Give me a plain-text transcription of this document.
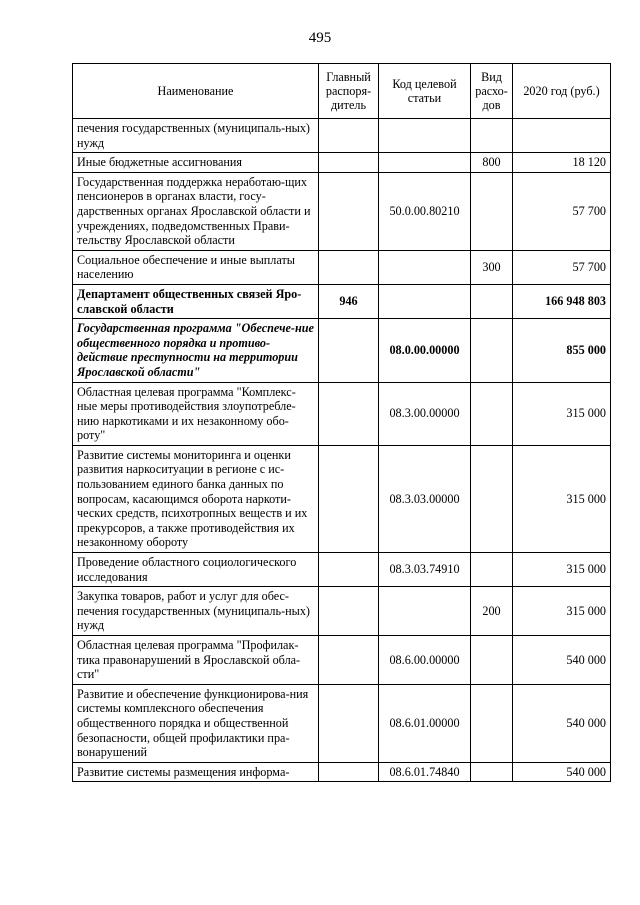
495
Наименование	Главный распоря-дитель	Код целевой статьи	Вид расхо-дов	2020 год (руб.)
печения государственных (муниципаль-ных) нужд				
Иные бюджетные ассигнования			800	18 120
Государственная поддержка неработаю-щих пенсионеров в органах власти, госу-дарственных органах Ярославской области и учреждениях, подведомственных Прави-тельству Ярославской области		50.0.00.80210		57 700
Социальное обеспечение и иные выплаты населению			300	57 700
Департамент общественных связей Яро-славской области	946			166 948 803
Государственная программа "Обеспече-ние общественного порядка и противо-действие преступности на территории Ярославской области"		08.0.00.00000		855 000
Областная целевая программа "Комплекс-ные меры противодействия злоупотребле-нию наркотиками и их незаконному обо-роту"		08.3.00.00000		315 000
Развитие системы мониторинга и оценки развития наркоситуации в регионе с ис-пользованием единого банка данных по вопросам, касающимся оборота наркоти-ческих средств, психотропных веществ и их прекурсоров, а также противодействия их незаконному обороту		08.3.03.00000		315 000
Проведение областного социологического исследования		08.3.03.74910		315 000
Закупка товаров, работ и услуг для обес-печения государственных (муниципаль-ных) нужд			200	315 000
Областная целевая программа "Профилак-тика правонарушений в Ярославской обла-сти"		08.6.00.00000		540 000
Развитие и обеспечение функционирова-ния системы комплексного обеспечения общественного порядка и общественной безопасности, общей профилактики пра-вонарушений		08.6.01.00000		540 000
Развитие системы размещения информа-		08.6.01.74840		540 000
